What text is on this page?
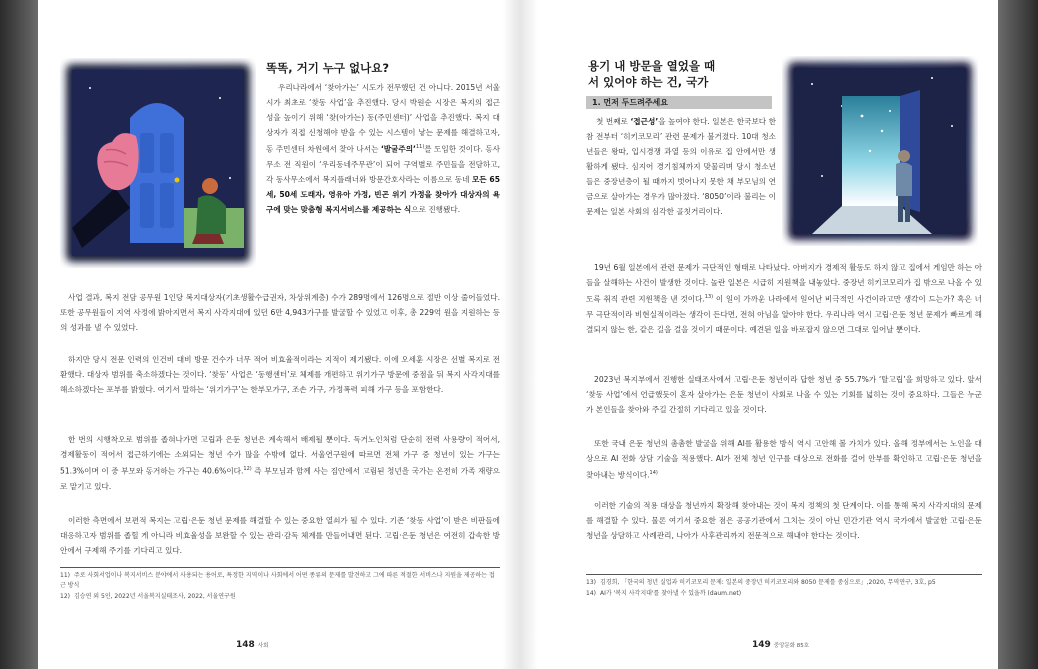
똑똑, 거기 누구 없나요?

우리나라에서 ‘찾아가는’ 시도가 전무했던 건 아니다. 2015년 서울시가 최초로 ‘찾동 사업’을 추진했다. 당시 박원순 시장은 복지의 접근성을 높이기 위해 ‘찾(아가는) 동(주민센터)’ 사업을 추진했다. 복지 대상자가 직접 신청해야 받을 수 있는 시스템이 낳는 문제를 해결하고자, 동 주민센터 차원에서 찾아 나서는 ‘발굴주의’$^{11)}$를 도입한 것이다. 동사무소 전 직원이 ‘우리동네주무관’이 되어 구역별로 주민들을 전담하고, 각 동사무소에서 복지플래너와 방문간호사라는 이름으로 동네 모든 65세, 50세 도래자, 영유아 가정, 빈곤 위기 가정을 찾아가 대상자의 욕구에 맞는 맞춤형 복지서비스를 제공하는 식으로 진행됐다.

사업 결과, 복지 전담 공무원 1인당 복지대상자(기초생활수급권자, 차상위계층) 수가 289명에서 126명으로 절반 이상 줄어들었다. 또한 공무원들이 지역 사정에 밝아지면서 복지 사각지대에 있던 6만 4,943가구를 발굴할 수 있었고 이후, 총 229억 원을 지원하는 등의 성과를 낼 수 있었다.

하지만 당시 전문 인력의 인건비 대비 방문 건수가 너무 적어 비효율적이라는 지적이 제기됐다. 이에 오세훈 시장은 선별 복지로 전환했다. 대상자 범위를 축소하겠다는 것이다. ‘찾동’ 사업은 ‘동행센터’로 체제를 개편하고 위기가구 방문에 중점을 둬 복지 사각지대를 해소하겠다는 포부를 밝혔다. 여기서 말하는 ‘위기가구’는 한부모가구, 조손 가구, 가정폭력 피해 가구 등을 포함한다.

한 번의 시행착오로 범위를 좁혀나가면 고립과 은둔 청년은 계속해서 배제될 뿐이다. 독거노인처럼 단순히 전력 사용량이 적어서, 경제활동이 적어서 접근하기에는 소외되는 청년 수가 많을 수밖에 없다. 서울연구원에 따르면 전체 가구 중 청년이 있는 가구는 51.3%이며 이 중 부모와 동거하는 가구는 40.6%이다.$^{12)}$ 즉 부모님과 함께 사는 집안에서 고립된 청년을 국가는 온전히 가족 재량으로 맡기고 있다.

이러한 측면에서 보편적 복지는 고립·은둔 청년 문제를 해결할 수 있는 중요한 열쇠가 될 수 있다. 기존 ‘찾동 사업’이 받은 비판들에 대응하고자 범위를 좁힐 게 아니라 비효율성을 보완할 수 있는 관리·감독 체계를 만들어내면 된다. 고립·은둔 청년은 여전히 갑속한 방 안에서 구제해 주기를 기다리고 있다.

11) 주로 사회서업이나 복지서비스 분야에서 사용되는 용어로, 특정한 지역이나 사회에서 어떤 종류의 문제를 발견하고 그에 따른 적절한 서비스나 지원을 제공하는 접근 방식

12) 김승연 외 5인, 2022년 서울복지실태조사, 2022, 서울연구원

148 사회
용기 내 방문을 열었을 때
서 있어야 하는 건, 국가
1. 먼저 두드려주세요

첫 번째로 ‘접근성’을 높여야 한다. 일본은 한국보다 한참 전부터 ‘히키코모리’ 관련 문제가 불거졌다. 10대 청소년들은 왕따, 입시경쟁 과열 등의 이유로 집 안에서만 생활하게 됐다. 심지어 경기침체까지 맞물리며 당시 청소년들은 중장년층이 될 때까지 벗어나지 못한 채 부모님의 연금으로 살아가는 경우가 많아졌다. ‘8050’이라 불리는 이 문제는 일본 사회의 심각한 골칫거리이다.

19년 6월 일본에서 관련 문제가 극단적인 형태로 나타났다. 아버지가 경제적 활동도 하지 않고 집에서 게임만 하는 아들을 살해하는 사건이 발생한 것이다. 놀란 일본은 시급히 지원책을 내놓았다. 중장년 히키코모리가 집 밖으로 나올 수 있도록 취직 관련 지원책을 낸 것이다.$^{13)}$ 이 일이 가까운 나라에서 일어난 비극적인 사건이라고만 생각이 드는가? 혹은 너무 극단적이라 비현실적이라는 생각이 든다면, 전혀 아님을 알아야 한다. 우리나라 역시 고립·은둔 청년 문제가 빠르게 해결되지 않는 한, 같은 길을 걸을 것이기 때문이다. 예견된 일을 바로잡지 않으면 그대로 일어날 뿐이다.

2023년 복지부에서 진행한 실태조사에서 고립·은둔 청년이라 답한 청년 중 55.7%가 ‘탈고립’을 희망하고 있다. 앞서 ‘찾동 사업’에서 언급했듯이 혼자 살아가는 은둔 청년이 사회로 나올 수 있는 기회를 넓히는 것이 중요하다. 그들은 누군가 본인들을 찾아와 주길 간절히 기다리고 있을 것이다.

또한 국내 은둔 청년의 촘촘한 발굴을 위해 AI를 활용한 방식 역시 고안해 볼 가치가 있다. 올해 정부에서는 노인을 대상으로 AI 전화 상담 기술을 적용했다. AI가 전체 청년 인구를 대상으로 전화를 걸어 안부를 확인하고 고립·은둔 청년을 찾아내는 방식이다.$^{14)}$

이러한 기술의 적용 대상을 청년까지 확장해 찾아내는 것이 복지 정책의 첫 단계이다. 이를 통해 복지 사각지대의 문제를 해결할 수 있다. 물론 여기서 중요한 점은 공공기관에서 그치는 것이 아닌 민간기관 역시 국가에서 발굴한 고립·은둔 청년을 상담하고 사례관리, 나아가 사후관리까지 전문적으로 해내야 한다는 것이다.

13) 김경희, 「한국의 청년 실업과 히키코모리 문제: 일본의 중장년 히키코모리와 8050 문제를 중심으로」,2020, 무역연구, 3호, p5

14) AI가 '복지 사각지대'를 찾아낼 수 있을까 (daum.net)

149 중앙문화 85호
